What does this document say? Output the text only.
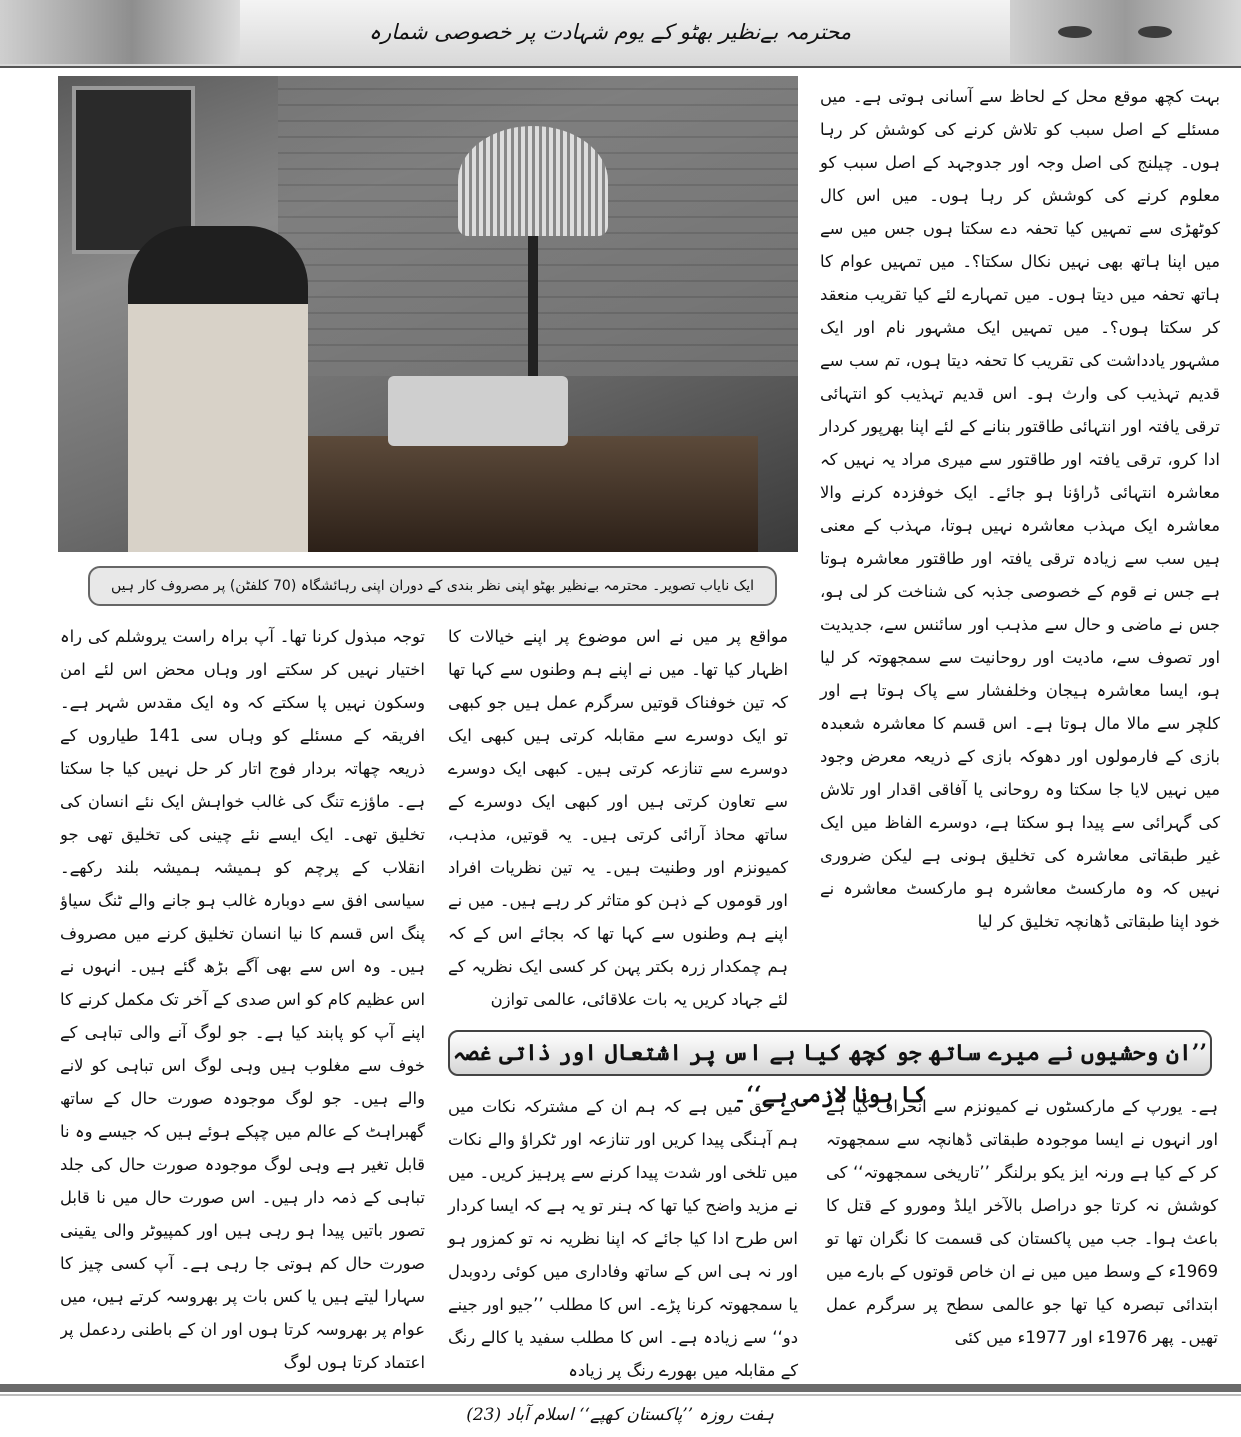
محترمہ بےنظیر بھٹو کے یوم شہادت پر خصوصی شمارہ
ایک نایاب تصویر۔ محترمہ بےنظیر بھٹو اپنی نظر بندی کے دوران اپنی رہائشگاہ (70 کلفٹن) پر مصروف کار ہیں

بہت کچھ موقع محل کے لحاظ سے آسانی ہوتی ہے۔ میں مسئلے کے اصل سبب کو تلاش کرنے کی کوشش کر رہا ہوں۔ چیلنج کی اصل وجہ اور جدوجہد کے اصل سبب کو معلوم کرنے کی کوشش کر رہا ہوں۔ میں اس کال کوٹھڑی سے تمہیں کیا تحفہ دے سکتا ہوں جس میں سے میں اپنا ہاتھ بھی نہیں نکال سکتا؟۔ میں تمہیں عوام کا ہاتھ تحفہ میں دیتا ہوں۔ میں تمہارے لئے کیا تقریب منعقد کر سکتا ہوں؟۔ میں تمہیں ایک مشہور نام اور ایک مشہور یادداشت کی تقریب کا تحفہ دیتا ہوں، تم سب سے قدیم تہذیب کی وارث ہو۔ اس قدیم تہذیب کو انتہائی ترقی یافتہ اور انتہائی طاقتور بنانے کے لئے اپنا بھرپور کردار ادا کرو، ترقی یافتہ اور طاقتور سے میری مراد یہ نہیں کہ معاشرہ انتہائی ڈراؤنا ہو جائے۔ ایک خوفزدہ کرنے والا معاشرہ ایک مہذب معاشرہ نہیں ہوتا، مہذب کے معنی ہیں سب سے زیادہ ترقی یافتہ اور طاقتور معاشرہ ہوتا ہے جس نے قوم کے خصوصی جذبہ کی شناخت کر لی ہو، جس نے ماضی و حال سے مذہب اور سائنس سے، جدیدیت اور تصوف سے، مادیت اور روحانیت سے سمجھوتہ کر لیا ہو، ایسا معاشرہ ہیجان وخلفشار سے پاک ہوتا ہے اور کلچر سے مالا مال ہوتا ہے۔ اس قسم کا معاشرہ شعبدہ بازی کے فارمولوں اور دھوکہ بازی کے ذریعہ معرض وجود میں نہیں لایا جا سکتا وہ روحانی یا آفاقی اقدار اور تلاش کی گہرائی سے پیدا ہو سکتا ہے، دوسرے الفاظ میں ایک غیر طبقاتی معاشرہ کی تخلیق ہونی ہے لیکن ضروری نہیں کہ وہ مارکسٹ معاشرہ ہو مارکسٹ معاشرہ نے خود اپنا طبقاتی ڈھانچہ تخلیق کر لیا

مواقع پر میں نے اس موضوع پر اپنے خیالات کا اظہار کیا تھا۔ میں نے اپنے ہم وطنوں سے کہا تھا کہ تین خوفناک قوتیں سرگرم عمل ہیں جو کبھی تو ایک دوسرے سے مقابلہ کرتی ہیں کبھی ایک دوسرے سے تنازعہ کرتی ہیں۔ کبھی ایک دوسرے سے تعاون کرتی ہیں اور کبھی ایک دوسرے کے ساتھ محاذ آرائی کرتی ہیں۔ یہ قوتیں، مذہب، کمیونزم اور وطنیت ہیں۔ یہ تین نظریات افراد اور قوموں کے ذہن کو متاثر کر رہے ہیں۔ میں نے اپنے ہم وطنوں سے کہا تھا کہ بجائے اس کے کہ ہم چمکدار زرہ بکتر پہن کر کسی ایک نظریہ کے لئے جہاد کریں یہ بات علاقائی، عالمی توازن

توجہ مبذول کرنا تھا۔ آپ براہ راست یروشلم کی راہ اختیار نہیں کر سکتے اور وہاں محض اس لئے امن وسکون نہیں پا سکتے کہ وہ ایک مقدس شہر ہے۔ افریقہ کے مسئلے کو وہاں سی 141 طیاروں کے ذریعہ چھاتہ بردار فوج اتار کر حل نہیں کیا جا سکتا ہے۔ ماؤزے تنگ کی غالب خواہش ایک نئے انسان کی تخلیق تھی۔ ایک ایسے نئے چینی کی تخلیق تھی جو انقلاب کے پرچم کو ہمیشہ ہمیشہ بلند رکھے۔ سیاسی افق سے دوبارہ غالب ہو جانے والے ٹنگ سیاؤ پنگ اس قسم کا نیا انسان تخلیق کرنے میں مصروف ہیں۔ وہ اس سے بھی آگے بڑھ گئے ہیں۔ انہوں نے اس عظیم کام کو اس صدی کے آخر تک مکمل کرنے کا اپنے آپ کو پابند کیا ہے۔ جو لوگ آنے والی تباہی کے خوف سے مغلوب ہیں وہی لوگ اس تباہی کو لانے والے ہیں۔ جو لوگ موجودہ صورت حال کے ساتھ گھبراہٹ کے عالم میں چپکے ہوئے ہیں کہ جیسے وہ نا قابل تغیر ہے وہی لوگ موجودہ صورت حال کی جلد تباہی کے ذمہ دار ہیں۔ اس صورت حال میں نا قابل تصور باتیں پیدا ہو رہی ہیں اور کمپیوٹر والی یقینی صورت حال کم ہوتی جا رہی ہے۔ آپ کسی چیز کا سہارا لیتے ہیں یا کس بات پر بھروسہ کرتے ہیں، میں عوام پر بھروسہ کرتا ہوں اور ان کے باطنی ردعمل پر اعتماد کرتا ہوں لوگ

’’ان وحشیوں نے میرے ساتھ جو کچھ کیا ہے اس پر اشتعال اور ذاتی غصہ کا ہونا لازمی ہے‘‘۔

ہے۔ یورپ کے مارکسٹوں نے کمیونزم سے انحراف کیا ہے اور انہوں نے ایسا موجودہ طبقاتی ڈھانچہ سے سمجھوتہ کر کے کیا ہے ورنہ ایز یکو برلنگر ’’تاریخی سمجھوتہ‘‘ کی کوشش نہ کرتا جو دراصل بالآخر ایلڈ ومورو کے قتل کا باعث ہوا۔ جب میں پاکستان کی قسمت کا نگران تھا تو 1969ء کے وسط میں میں نے ان خاص قوتوں کے بارے میں ابتدائی تبصرہ کیا تھا جو عالمی سطح پر سرگرم عمل تھیں۔ پھر 1976ء اور 1977ء میں کئی

کے حق میں ہے کہ ہم ان کے مشترکہ نکات میں ہم آہنگی پیدا کریں اور تنازعہ اور ٹکراؤ والے نکات میں تلخی اور شدت پیدا کرنے سے پرہیز کریں۔ میں نے مزید واضح کیا تھا کہ ہنر تو یہ ہے کہ ایسا کردار اس طرح ادا کیا جائے کہ اپنا نظریہ نہ تو کمزور ہو اور نہ ہی اس کے ساتھ وفاداری میں کوئی ردوبدل یا سمجھوتہ کرنا پڑے۔ اس کا مطلب ’’جیو اور جینے دو‘‘ سے زیادہ ہے۔ اس کا مطلب سفید یا کالے رنگ کے مقابلہ میں بھورے رنگ پر زیادہ

ہفت روزہ ’’پاکستان کھپے‘‘ اسلام آباد (23)
